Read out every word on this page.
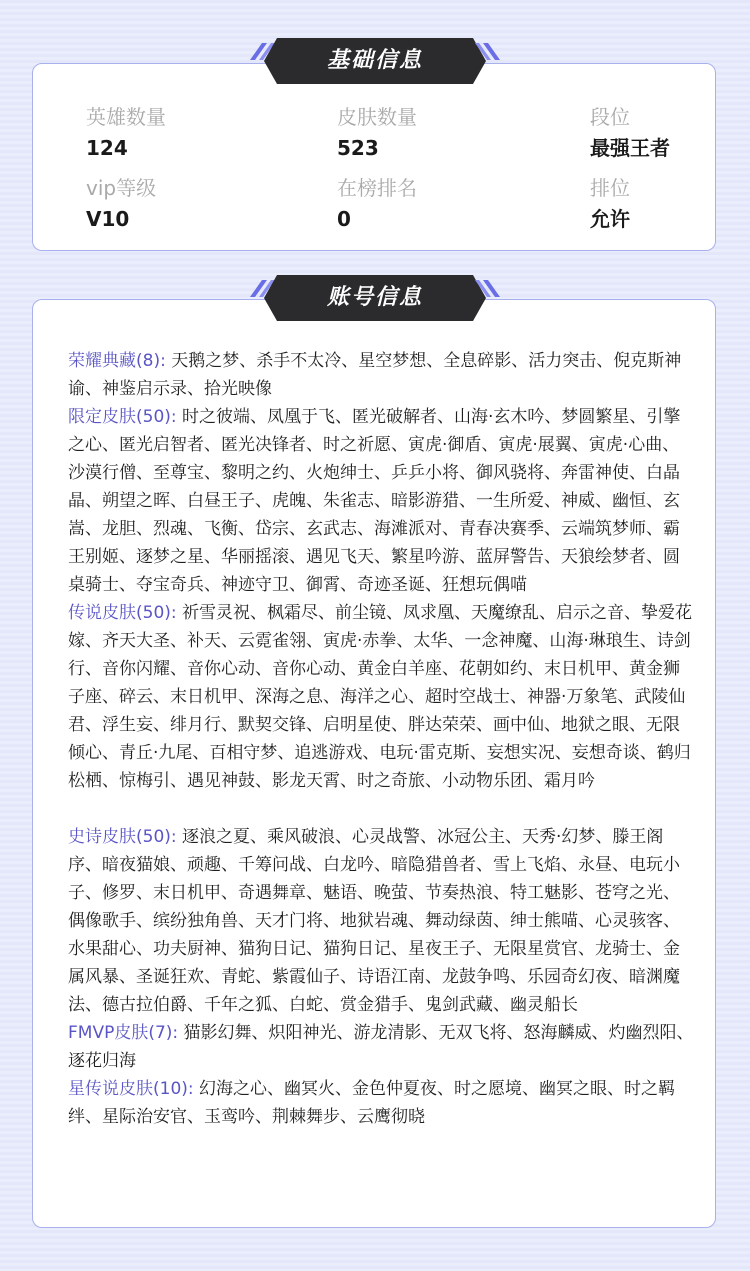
基础信息
英雄数量
124
皮肤数量
523
段位
最强王者
vip等级
V10
在榜排名
0
排位
允许
账号信息

荣耀典藏(8): 天鹅之梦、杀手不太冷、星空梦想、全息碎影、活力突击、倪克斯神谕、神鉴启示录、拾光映像

限定皮肤(50): 时之彼端、凤凰于飞、匿光破解者、山海·玄木吟、梦圆繁星、引擎之心、匿光启智者、匿光决锋者、时之祈愿、寅虎·御盾、寅虎·展翼、寅虎·心曲、沙漠行僧、至尊宝、黎明之约、火炮绅士、乒乒小将、御风骁将、奔雷神使、白晶晶、朔望之晖、白昼王子、虎魄、朱雀志、暗影游猎、一生所爱、神威、幽恒、玄嵩、龙胆、烈魂、飞衡、岱宗、玄武志、海滩派对、青春决赛季、云端筑梦师、霸王别姬、逐梦之星、华丽摇滚、遇见飞天、繁星吟游、蓝屏警告、天狼绘梦者、圆桌骑士、夺宝奇兵、神迹守卫、御霄、奇迹圣诞、狂想玩偶喵

传说皮肤(50): 祈雪灵祝、枫霜尽、前尘镜、凤求凰、天魔缭乱、启示之音、挚爱花嫁、齐天大圣、补天、云霓雀翎、寅虎·赤拳、太华、一念神魔、山海·琳琅生、诗剑行、音你闪耀、音你心动、音你心动、黄金白羊座、花朝如约、末日机甲、黄金狮子座、碎云、末日机甲、深海之息、海洋之心、超时空战士、神器·万象笔、武陵仙君、浮生妄、绯月行、默契交锋、启明星使、胖达荣荣、画中仙、地狱之眼、无限倾心、青丘·九尾、百相守梦、追逃游戏、电玩·雷克斯、妄想实况、妄想奇谈、鹤归松栖、惊梅引、遇见神鼓、影龙天霄、时之奇旅、小动物乐团、霜月吟

史诗皮肤(50): 逐浪之夏、乘风破浪、心灵战警、冰冠公主、天秀·幻梦、滕王阁序、暗夜猫娘、顽趣、千筹问战、白龙吟、暗隐猎兽者、雪上飞焰、永昼、电玩小子、修罗、末日机甲、奇遇舞章、魅语、晚萤、节奏热浪、特工魅影、苍穹之光、偶像歌手、缤纷独角兽、天才门将、地狱岩魂、舞动绿茵、绅士熊喵、心灵骇客、水果甜心、功夫厨神、猫狗日记、猫狗日记、星夜王子、无限星赏官、龙骑士、金属风暴、圣诞狂欢、青蛇、紫霞仙子、诗语江南、龙鼓争鸣、乐园奇幻夜、暗渊魔法、德古拉伯爵、千年之狐、白蛇、赏金猎手、鬼剑武藏、幽灵船长

FMVP皮肤(7): 猫影幻舞、炽阳神光、游龙清影、无双飞将、怒海麟威、灼幽烈阳、逐花归海

星传说皮肤(10): 幻海之心、幽冥火、金色仲夏夜、时之愿境、幽冥之眼、时之羁绊、星际治安官、玉鸾吟、荆棘舞步、云鹰彻晓
